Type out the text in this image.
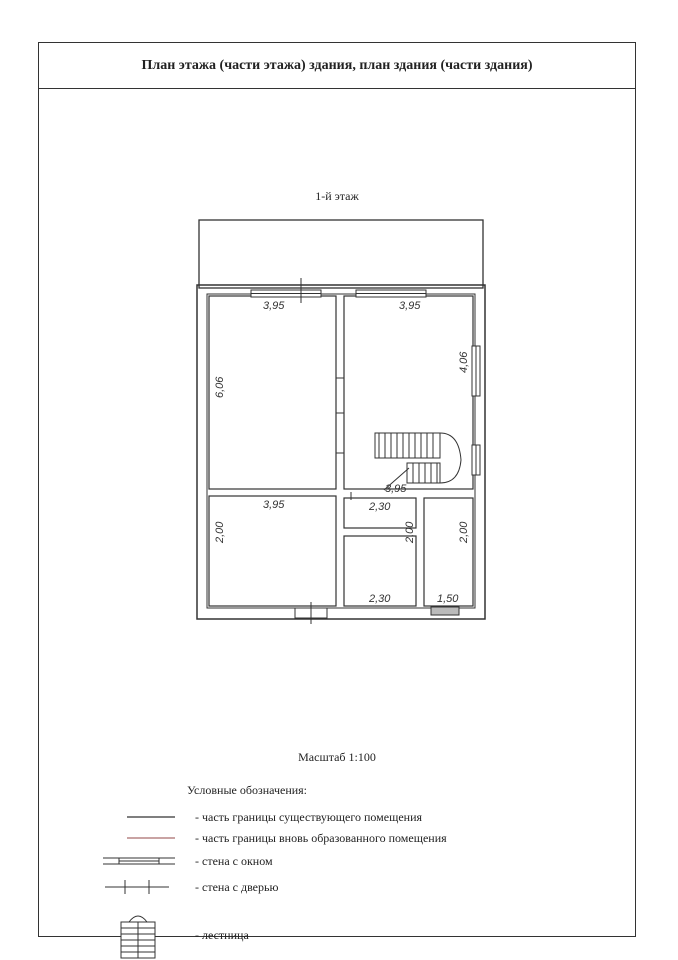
План этажа (части этажа) здания, план здания (части здания)
1-й этаж
3,95	3,95
6,06
4,06
3,95
3,95
2,00
2,30
2,00
2,30	1,50
2,00
Масштаб 1:100
Условные обозначения:
- часть границы существующего помещения
- часть границы вновь образованного помещения
- стена с окном
- стена с дверью
- лестница
